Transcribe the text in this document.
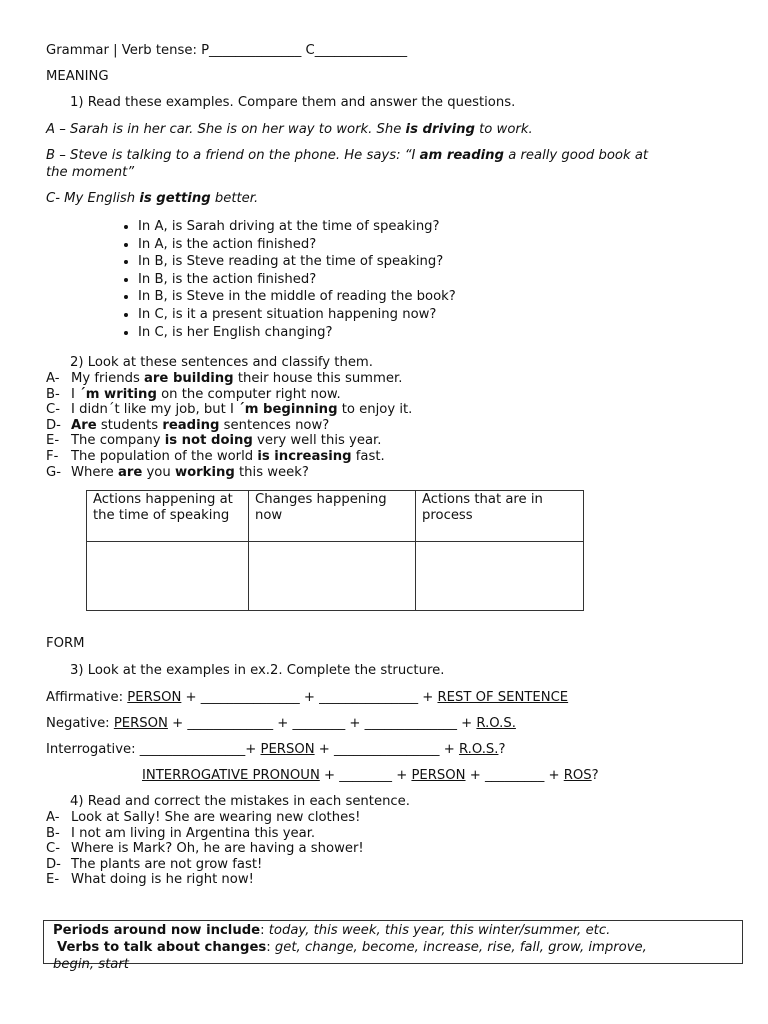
Grammar | Verb tense: P______________ C______________
MEANING
1) Read these examples. Compare them and answer the questions.
A – Sarah is in her car. She is on her way to work. She is driving to work.
B – Steve is talking to a friend on the phone. He says: “I am reading a really good book at
the moment”
C- My English is getting better.
• In A, is Sarah driving at the time of speaking?
• In A, is the action finished?
• In B, is Steve reading at the time of speaking?
• In B, is the action finished?
• In B, is Steve in the middle of reading the book?
• In C, is it a present situation happening now?
• In C, is her English changing?
2) Look at these sentences and classify them.
A- My friends are building their house this summer.
B- I ´m writing on the computer right now.
C- I didn´t like my job, but I ´m beginning to enjoy it.
D- Are students reading sentences now?
E- The company is not doing very well this year.
F- The population of the world is increasing fast.
G- Where are you working this week?
Actions happening at the time of speaking	Changes happening now	Actions that are in process

FORM
3) Look at the examples in ex.2. Complete the structure.
Affirmative: PERSON + _______________ + _______________ + REST OF SENTENCE
Negative: PERSON + _____________ + ________ + ______________ + R.O.S.
Interrogative: ________________+ PERSON + ________________ + R.O.S.?
INTERROGATIVE PRONOUN + ________ + PERSON + _________ + ROS?
4) Read and correct the mistakes in each sentence.
A- Look at Sally! She are wearing new clothes!
B- I not am living in Argentina this year.
C- Where is Mark? Oh, he are having a shower!
D- The plants are not grow fast!
E- What doing is he right now!
Periods around now include: today, this week, this year, this winter/summer, etc.
Verbs to talk about changes: get, change, become, increase, rise, fall, grow, improve,
begin, start
